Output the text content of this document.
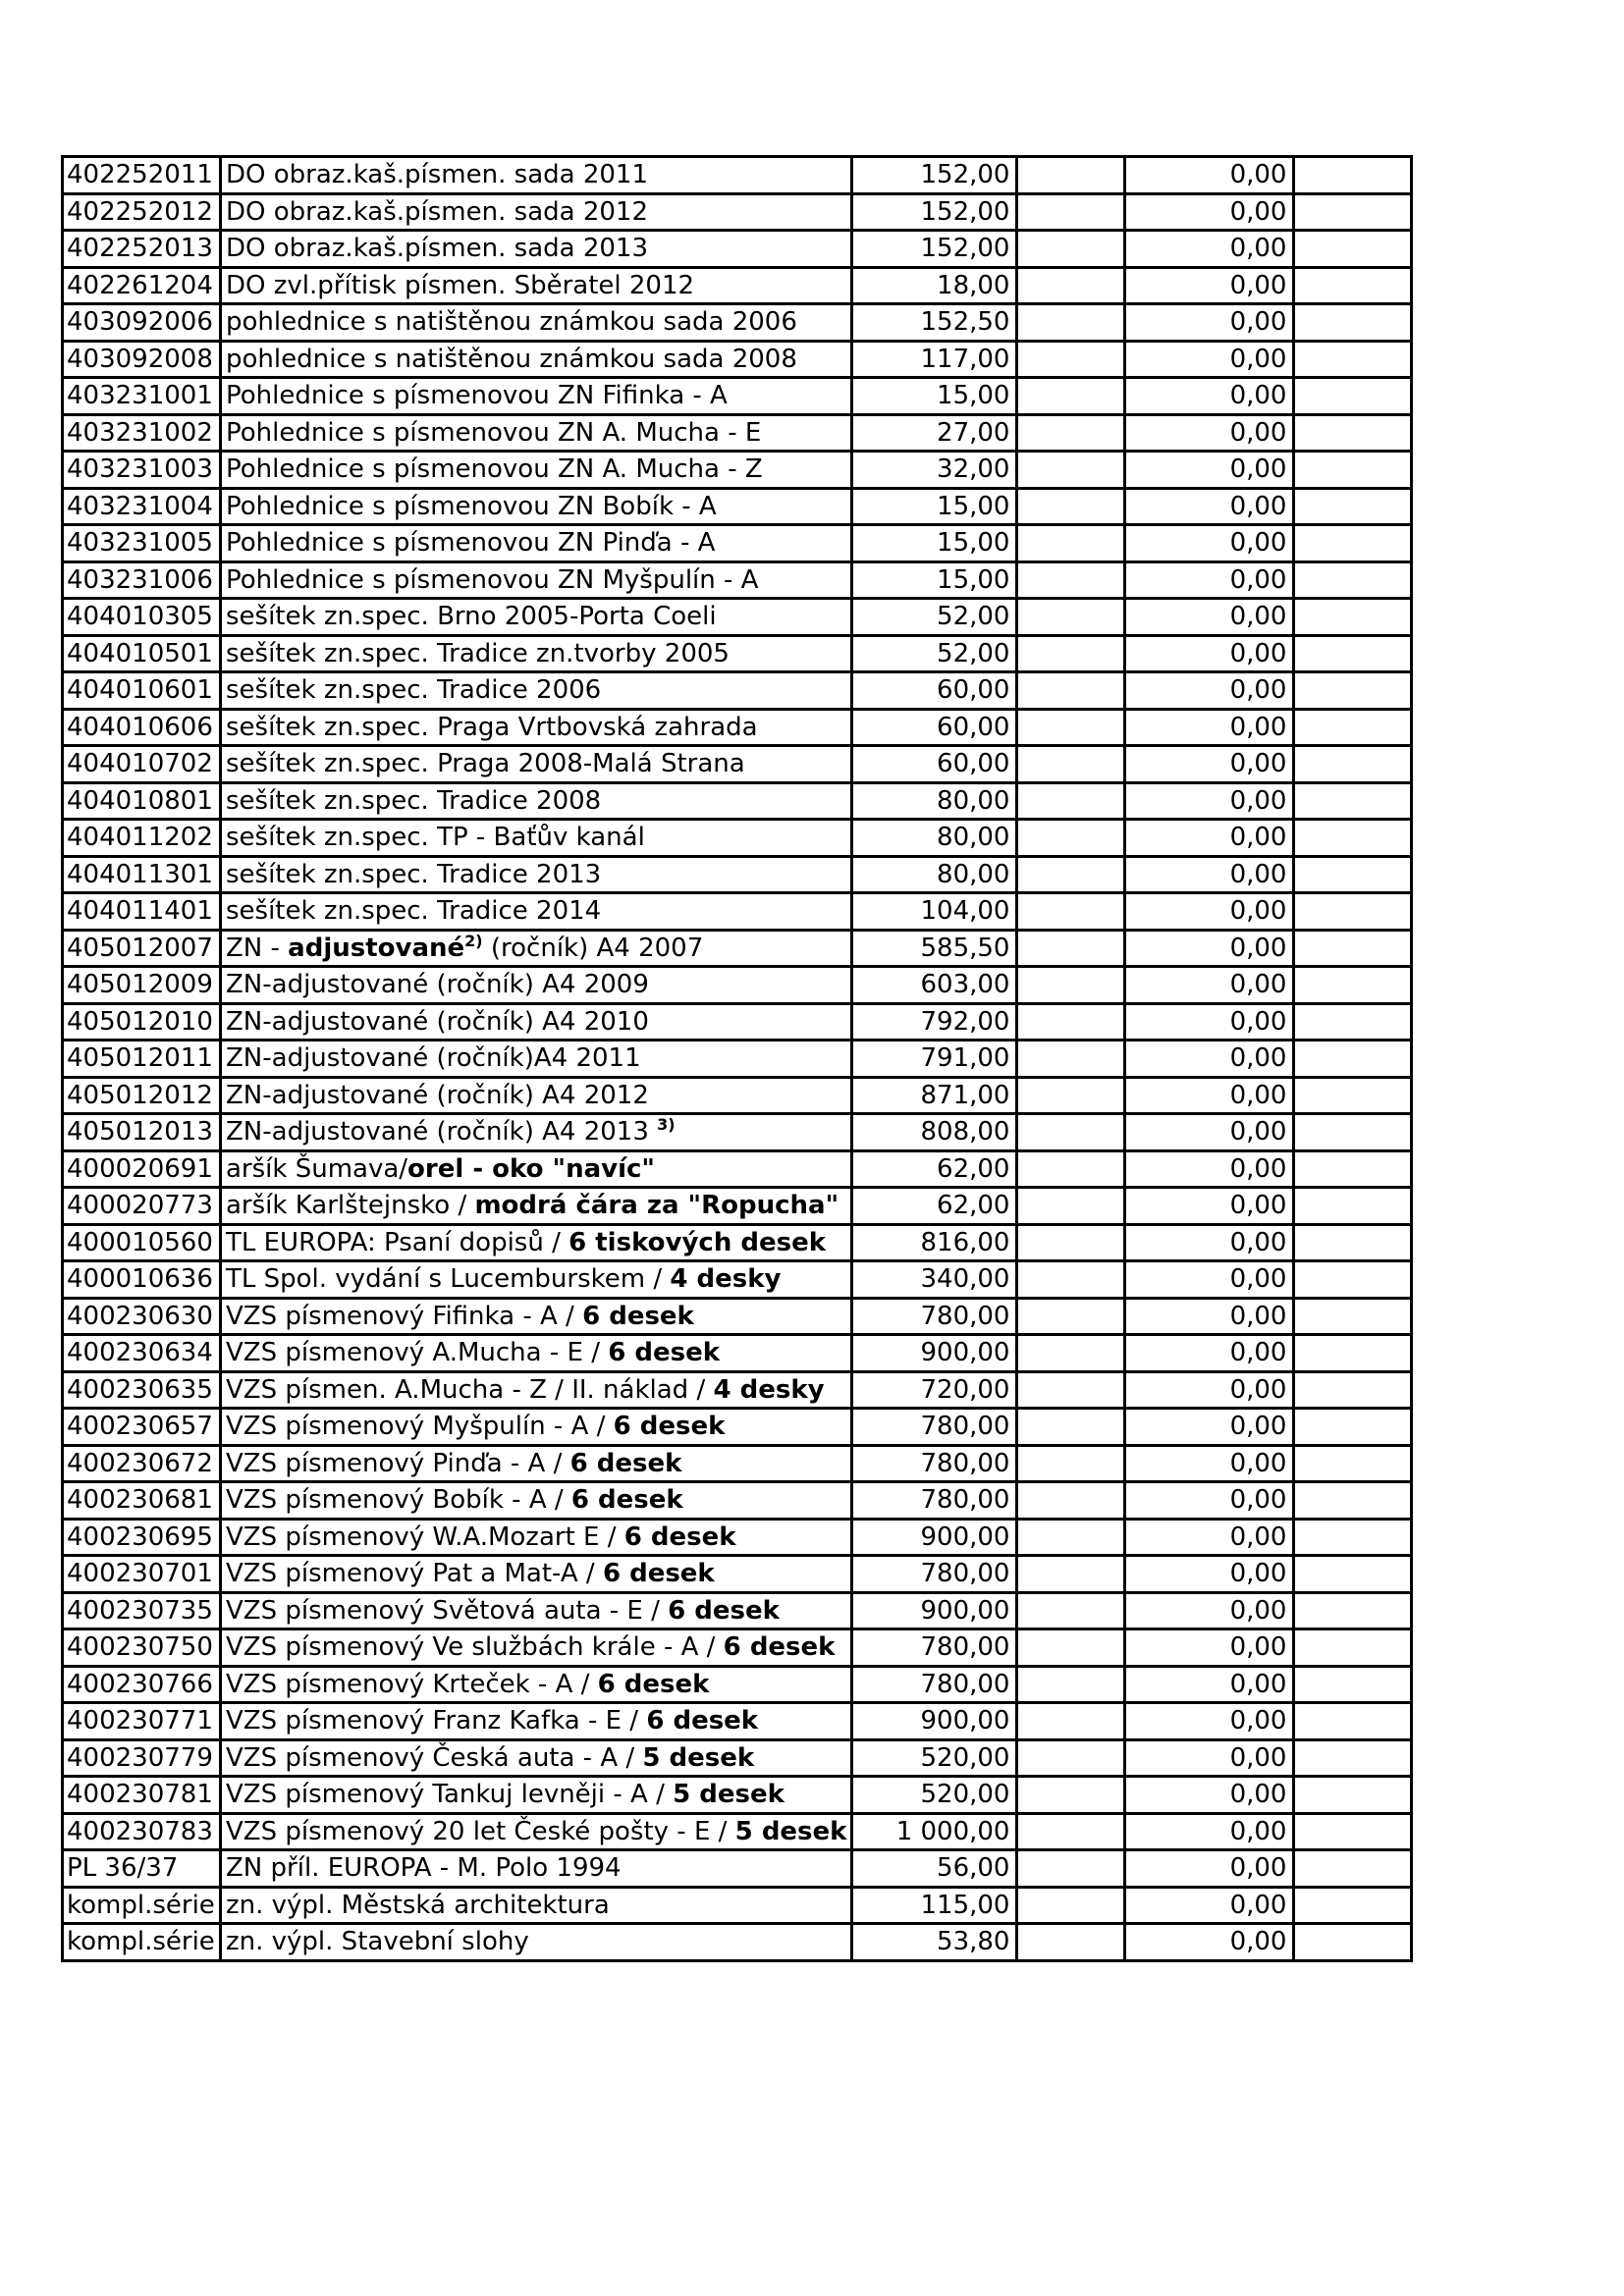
402252011	DO obraz.kaš.písmen. sada 2011	152,00		0,00	
402252012	DO obraz.kaš.písmen. sada 2012	152,00		0,00	
402252013	DO obraz.kaš.písmen. sada 2013	152,00		0,00	
402261204	DO zvl.přítisk písmen. Sběratel 2012	18,00		0,00	
403092006	pohlednice s natištěnou známkou sada 2006	152,50		0,00	
403092008	pohlednice s natištěnou známkou sada 2008	117,00		0,00	
403231001	Pohlednice s písmenovou ZN Fifinka - A	15,00		0,00	
403231002	Pohlednice s písmenovou ZN A. Mucha - E	27,00		0,00	
403231003	Pohlednice s písmenovou ZN A. Mucha - Z	32,00		0,00	
403231004	Pohlednice s písmenovou ZN Bobík - A	15,00		0,00	
403231005	Pohlednice s písmenovou ZN Pinďa - A	15,00		0,00	
403231006	Pohlednice s písmenovou ZN Myšpulín - A	15,00		0,00	
404010305	sešítek zn.spec. Brno 2005-Porta Coeli	52,00		0,00	
404010501	sešítek zn.spec. Tradice zn.tvorby 2005	52,00		0,00	
404010601	sešítek zn.spec. Tradice 2006	60,00		0,00	
404010606	sešítek zn.spec. Praga Vrtbovská zahrada	60,00		0,00	
404010702	sešítek zn.spec. Praga 2008-Malá Strana	60,00		0,00	
404010801	sešítek zn.spec. Tradice 2008	80,00		0,00	
404011202	sešítek zn.spec. TP - Baťův kanál	80,00		0,00	
404011301	sešítek zn.spec. Tradice 2013	80,00		0,00	
404011401	sešítek zn.spec. Tradice 2014	104,00		0,00	
405012007	ZN - adjustované$^{2)}$ (ročník) A4 2007	585,50		0,00	
405012009	ZN-adjustované (ročník) A4 2009	603,00		0,00	
405012010	ZN-adjustované (ročník) A4 2010	792,00		0,00	
405012011	ZN-adjustované (ročník)A4 2011	791,00		0,00	
405012012	ZN-adjustované (ročník) A4 2012	871,00		0,00	
405012013	ZN-adjustované (ročník) A4 2013 $^{3)}$	808,00		0,00	
400020691	aršík Šumava/orel - oko "navíc"	62,00		0,00	
400020773	aršík Karlštejnsko / modrá čára za "Ropucha"	62,00		0,00	
400010560	TL EUROPA: Psaní dopisů / 6 tiskových desek	816,00		0,00	
400010636	TL Spol. vydání s Lucemburskem / 4 desky	340,00		0,00	
400230630	VZS písmenový Fifinka - A / 6 desek	780,00		0,00	
400230634	VZS písmenový A.Mucha - E / 6 desek	900,00		0,00	
400230635	VZS písmen. A.Mucha - Z / II. náklad / 4 desky	720,00		0,00	
400230657	VZS písmenový Myšpulín - A / 6 desek	780,00		0,00	
400230672	VZS písmenový Pinďa - A / 6 desek	780,00		0,00	
400230681	VZS písmenový Bobík - A / 6 desek	780,00		0,00	
400230695	VZS písmenový W.A.Mozart E / 6 desek	900,00		0,00	
400230701	VZS písmenový Pat a Mat-A / 6 desek	780,00		0,00	
400230735	VZS písmenový Světová auta - E / 6 desek	900,00		0,00	
400230750	VZS písmenový Ve službách krále - A / 6 desek	780,00		0,00	
400230766	VZS písmenový Krteček - A / 6 desek	780,00		0,00	
400230771	VZS písmenový Franz Kafka - E / 6 desek	900,00		0,00	
400230779	VZS písmenový Česká auta - A / 5 desek	520,00		0,00	
400230781	VZS písmenový Tankuj levněji - A / 5 desek	520,00		0,00	
400230783	VZS písmenový 20 let České pošty - E / 5 desek	1 000,00		0,00	
PL 36/37	ZN příl. EUROPA - M. Polo 1994	56,00		0,00	
kompl.série	zn. výpl. Městská architektura	115,00		0,00	
kompl.série	zn. výpl. Stavební slohy	53,80		0,00	
